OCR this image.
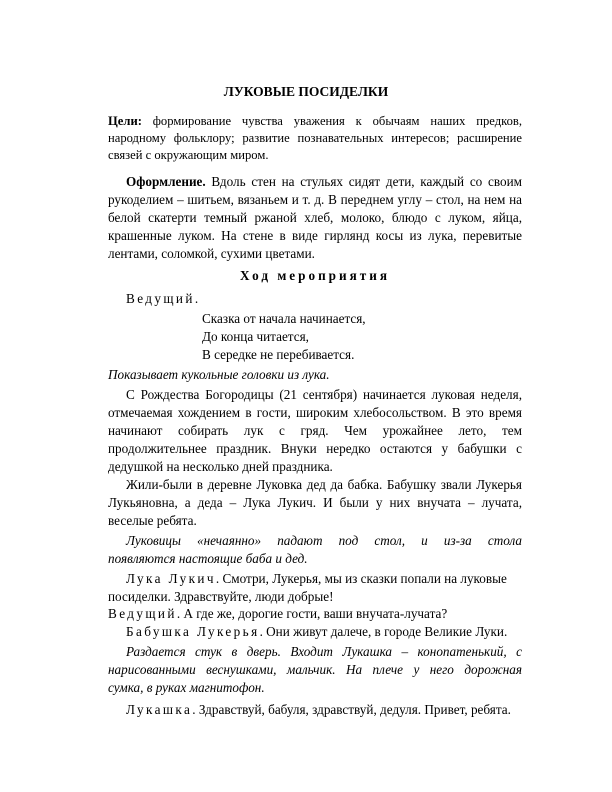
ЛУКОВЫЕ ПОСИДЕЛКИ
Цели: формирование чувства уважения к обычаям наших предков,
народному фольклору; развитие познавательных интересов; расширение
связей с окружающим миром.
Оформление. Вдоль стен на стульях сидят дети, каждый со своим
рукоделием – шитьем, вязаньем и т. д. В переднем углу – стол, на нем на
белой скатерти темный ржаной хлеб, молоко, блюдо с луком, яйца,
крашенные луком. На стене в виде гирлянд косы из лука, перевитые
лентами, соломкой, сухими цветами.
Ход мероприятия
Ведущий.
Сказка от начала начинается,
До конца читается,
В середке не перебивается.
Показывает кукольные головки из лука.
С Рождества Богородицы (21 сентября) начинается луковая неделя,
отмечаемая хождением в гости, широким хлебосольством. В это время
начинают собирать лук с гряд. Чем урожайнее лето, тем
продолжительнее праздник. Внуки нередко остаются у бабушки с
дедушкой на несколько дней праздника.
Жили-были в деревне Луковка дед да бабка. Бабушку звали Лукерья
Лукьяновна, а деда – Лука Лукич. И были у них внучата – лучата,
веселые ребята.
Луковицы «нечаянно» падают под стол, и из-за стола
появляются настоящие баба и дед.
Лука Лукич. Смотри, Лукерья, мы из сказки попали на луковые
посиделки. Здравствуйте, люди добрые!
Ведущий. А где же, дорогие гости, ваши внучата-лучата?
Бабушка Лукерья. Они живут далече, в городе Великие Луки.
Раздается стук в дверь. Входит Лукашка – конопатенький, с
нарисованными веснушками, мальчик. На плече у него дорожная
сумка, в руках магнитофон.
Лукашка. Здравствуй, бабуля, здравствуй, дедуля. Привет, ребята.
